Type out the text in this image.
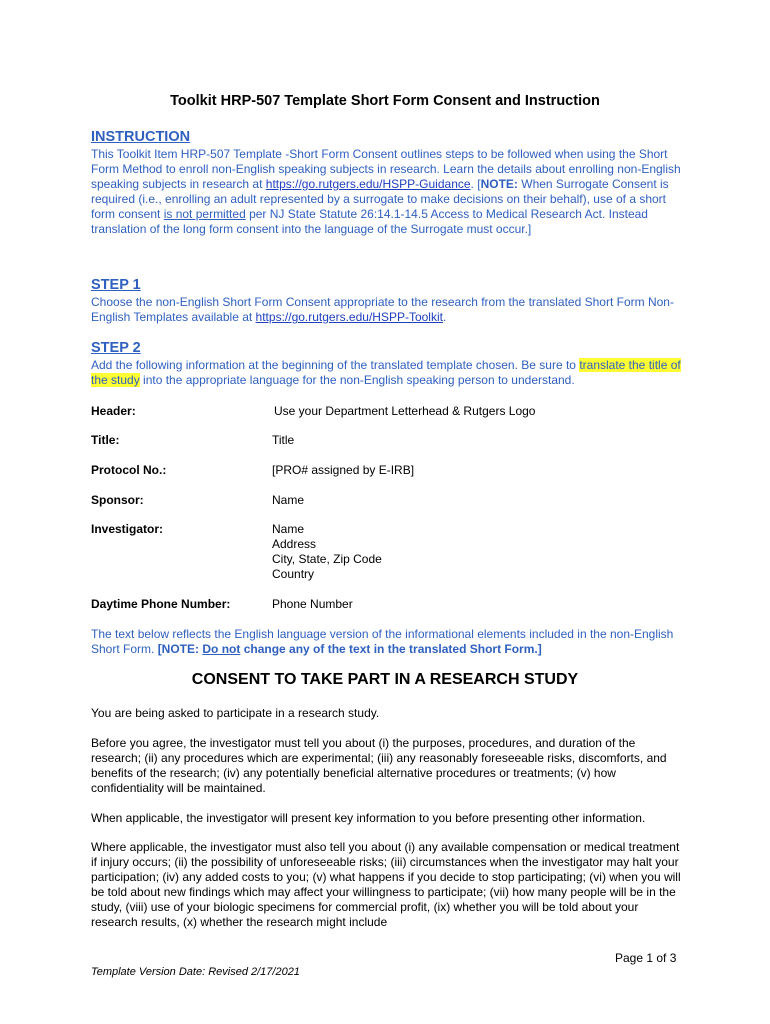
Toolkit HRP-507 Template Short Form Consent and Instruction
INSTRUCTION
This Toolkit Item HRP-507 Template -Short Form Consent outlines steps to be followed when using the Short Form Method to enroll non-English speaking subjects in research. Learn the details about enrolling non-English speaking subjects in research at https://go.rutgers.edu/HSPP-Guidance. [NOTE: When Surrogate Consent is required (i.e., enrolling an adult represented by a surrogate to make decisions on their behalf), use of a short form consent is not permitted per NJ State Statute 26:14.1-14.5 Access to Medical Research Act. Instead translation of the long form consent into the language of the Surrogate must occur.]
STEP 1
Choose the non-English Short Form Consent appropriate to the research from the translated Short Form Non-English Templates available at https://go.rutgers.edu/HSPP-Toolkit.
STEP 2
Add the following information at the beginning of the translated template chosen. Be sure to translate the title of the study into the appropriate language for the non-English speaking person to understand.
Header:	Use your Department Letterhead & Rutgers Logo
Title:	Title
Protocol No.:	[PRO# assigned by E-IRB]
Sponsor:	Name
Investigator:	Name
Address
City, State, Zip Code
Country
Daytime Phone Number:	Phone Number
The text below reflects the English language version of the informational elements included in the non-English Short Form. [NOTE: Do not change any of the text in the translated Short Form.]
CONSENT TO TAKE PART IN A RESEARCH STUDY
You are being asked to participate in a research study.
Before you agree, the investigator must tell you about (i) the purposes, procedures, and duration of the research; (ii) any procedures which are experimental; (iii) any reasonably foreseeable risks, discomforts, and benefits of the research; (iv) any potentially beneficial alternative procedures or treatments; (v) how confidentiality will be maintained.
When applicable, the investigator will present key information to you before presenting other information.
Where applicable, the investigator must also tell you about (i) any available compensation or medical treatment if injury occurs; (ii) the possibility of unforeseeable risks; (iii) circumstances when the investigator may halt your participation; (iv) any added costs to you; (v) what happens if you decide to stop participating; (vi) when you will be told about new findings which may affect your willingness to participate; (vii) how many people will be in the study, (viii) use of your biologic specimens for commercial profit, (ix) whether you will be told about your research results, (x) whether the research might include
Page 1 of 3
Template Version Date: Revised 2/17/2021
